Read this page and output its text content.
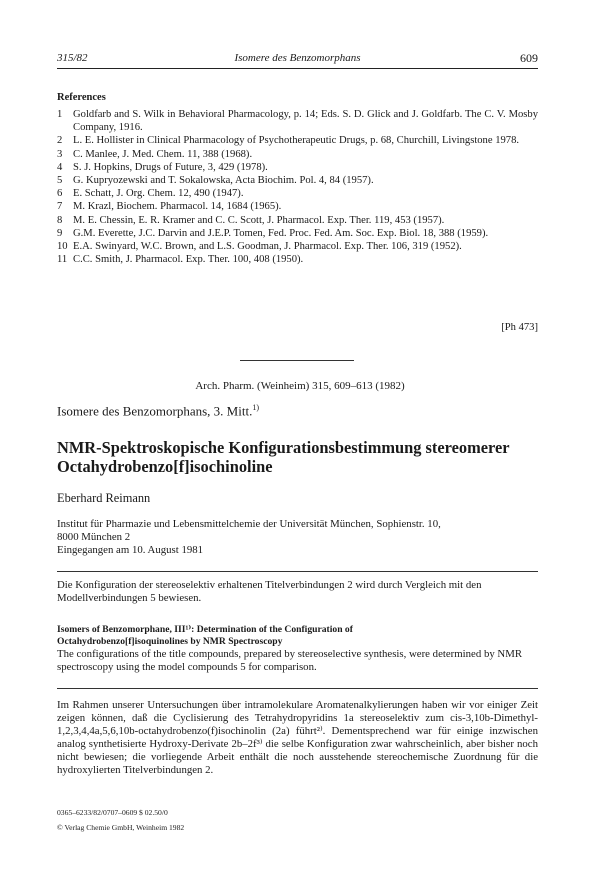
315/82	Isomere des Benzomorphans	609
References
1	Goldfarb and S. Wilk in Behavioral Pharmacology, p. 14; Eds. S. D. Glick and J. Goldfarb. The C. V. Mosby Company, 1916.
2	L. E. Hollister in Clinical Pharmacology of Psychotherapeutic Drugs, p. 68, Churchill, Livingstone 1978.
3	C. Manlee, J. Med. Chem. 11, 388 (1968).
4	S. J. Hopkins, Drugs of Future, 3, 429 (1978).
5	G. Kupryozewski and T. Sokalowska, Acta Biochim. Pol. 4, 84 (1957).
6	E. Schatt, J. Org. Chem. 12, 490 (1947).
7	M. Krazl, Biochem. Pharmacol. 14, 1684 (1965).
8	M. E. Chessin, E. R. Kramer and C. C. Scott, J. Pharmacol. Exp. Ther. 119, 453 (1957).
9	G.M. Everette, J.C. Darvin and J.E.P. Tomen, Fed. Proc. Fed. Am. Soc. Exp. Biol. 18, 388 (1959).
10 E.A. Swinyard, W.C. Brown, and L.S. Goodman, J. Pharmacol. Exp. Ther. 106, 319 (1952).
11 C.C. Smith, J. Pharmacol. Exp. Ther. 100, 408 (1950).
[Ph 473]
Arch. Pharm. (Weinheim) 315, 609–613 (1982)
Isomere des Benzomorphans, 3. Mitt.$^{1)}$
NMR-Spektroskopische Konfigurationsbestimmung stereomerer
Octahydrobenzo[f]isochinoline
Eberhard Reimann
Institut für Pharmazie und Lebensmittelchemie der Universität München, Sophienstr. 10,
8000 München 2
Eingegangen am 10. August 1981
Die Konfiguration der stereoselektiv erhaltenen Titelverbindungen 2 wird durch Vergleich mit den Modellverbindungen 5 bewiesen.
Isomers of Benzomorphane, III¹⁾: Determination of the Configuration of
Octahydrobenzo[f]isoquinolines by NMR Spectroscopy
The configurations of the title compounds, prepared by stereoselective synthesis, were determined by NMR spectroscopy using the model compounds 5 for comparison.
Im Rahmen unserer Untersuchungen über intramolekulare Aromatenalkylierungen haben wir vor einiger Zeit zeigen können, daß die Cyclisierung des Tetrahydropyridins 1a stereoselektiv zum cis-3,10b-Dimethyl-1,2,3,4,4a,5,6,10b-octahydrobenzo(f)isochinolin (2a) führt²⁾. Dementsprechend war für einige inzwischen analog synthetisierte Hydroxy-Derivate 2b–2f³⁾ die selbe Konfiguration zwar wahrscheinlich, aber bisher noch nicht bewiesen; die vorliegende Arbeit enthält die noch ausstehende stereochemische Zuordnung für die hydroxylierten Titelverbindungen 2.
0365–6233/82/0707–0609 $ 02.50/0
© Verlag Chemie GmbH, Weinheim 1982
